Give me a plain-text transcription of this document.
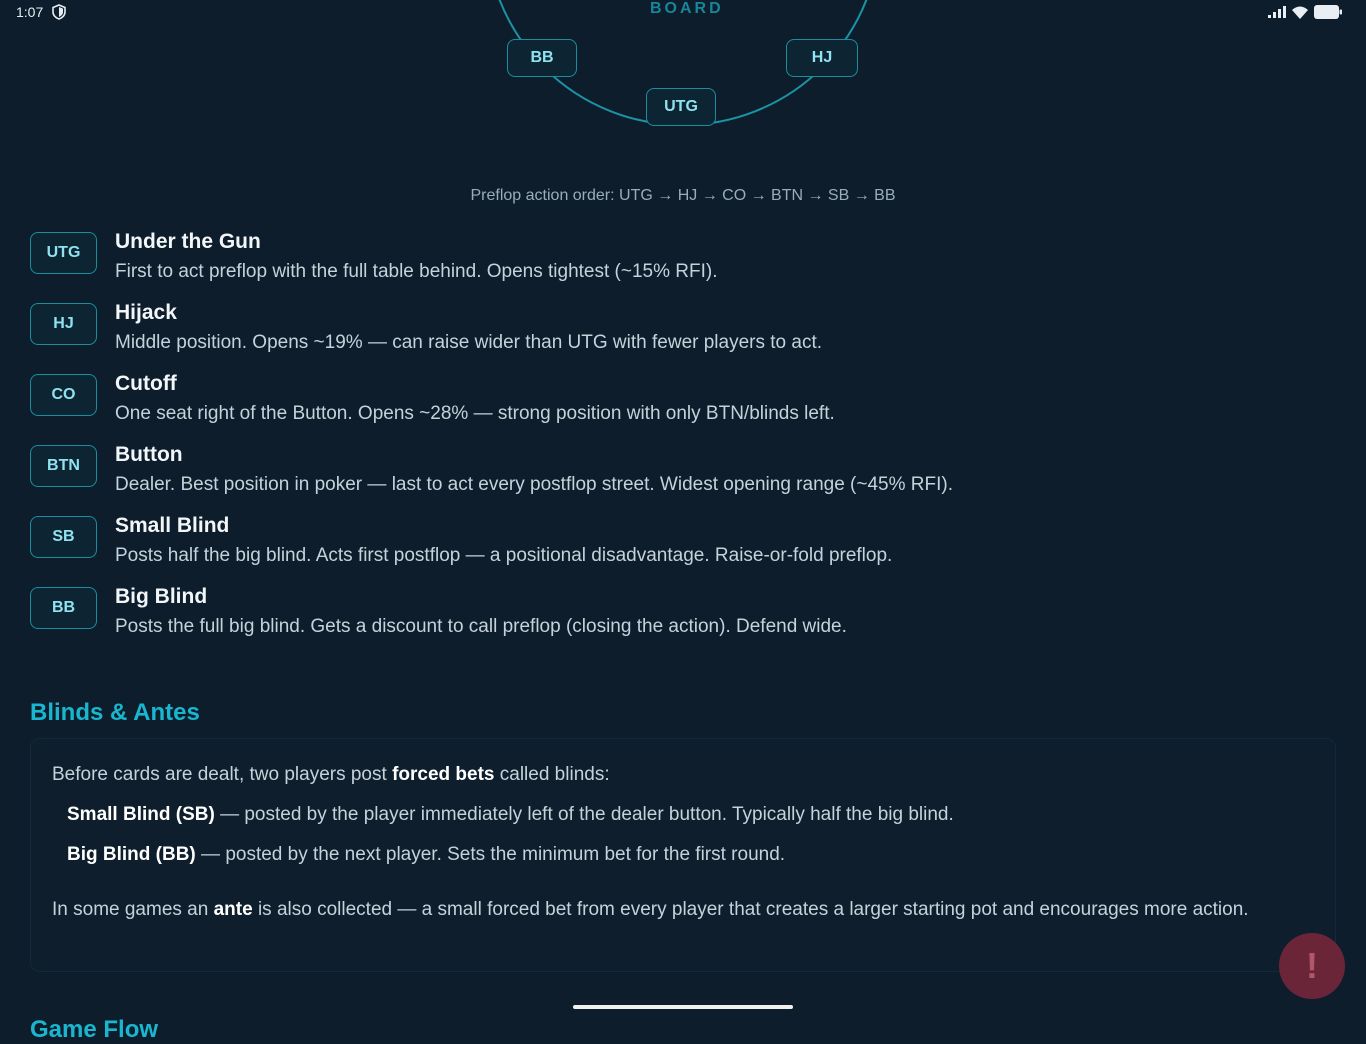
1:07	BOARD
BB	HJ
UTG
Preflop action order: UTG → HJ → CO → BTN → SB → BB
UTG	Under the Gun
First to act preflop with the full table behind. Opens tightest (~15% RFI).
HJ	Hijack
Middle position. Opens ~19% — can raise wider than UTG with fewer players to act.
CO	Cutoff
One seat right of the Button. Opens ~28% — strong position with only BTN/blinds left.
BTN	Button
Dealer. Best position in poker — last to act every postflop street. Widest opening range (~45% RFI).
SB	Small Blind
Posts half the big blind. Acts first postflop — a positional disadvantage. Raise-or-fold preflop.
BB	Big Blind
Posts the full big blind. Gets a discount to call preflop (closing the action). Defend wide.
Blinds & Antes

Before cards are dealt, two players post forced bets called blinds:

Small Blind (SB) — posted by the player immediately left of the dealer button. Typically half the big blind.

Big Blind (BB) — posted by the next player. Sets the minimum bet for the first round.

In some games an ante is also collected — a small forced bet from every player that creates a larger starting pot and encourages more action.

Game Flow
!
